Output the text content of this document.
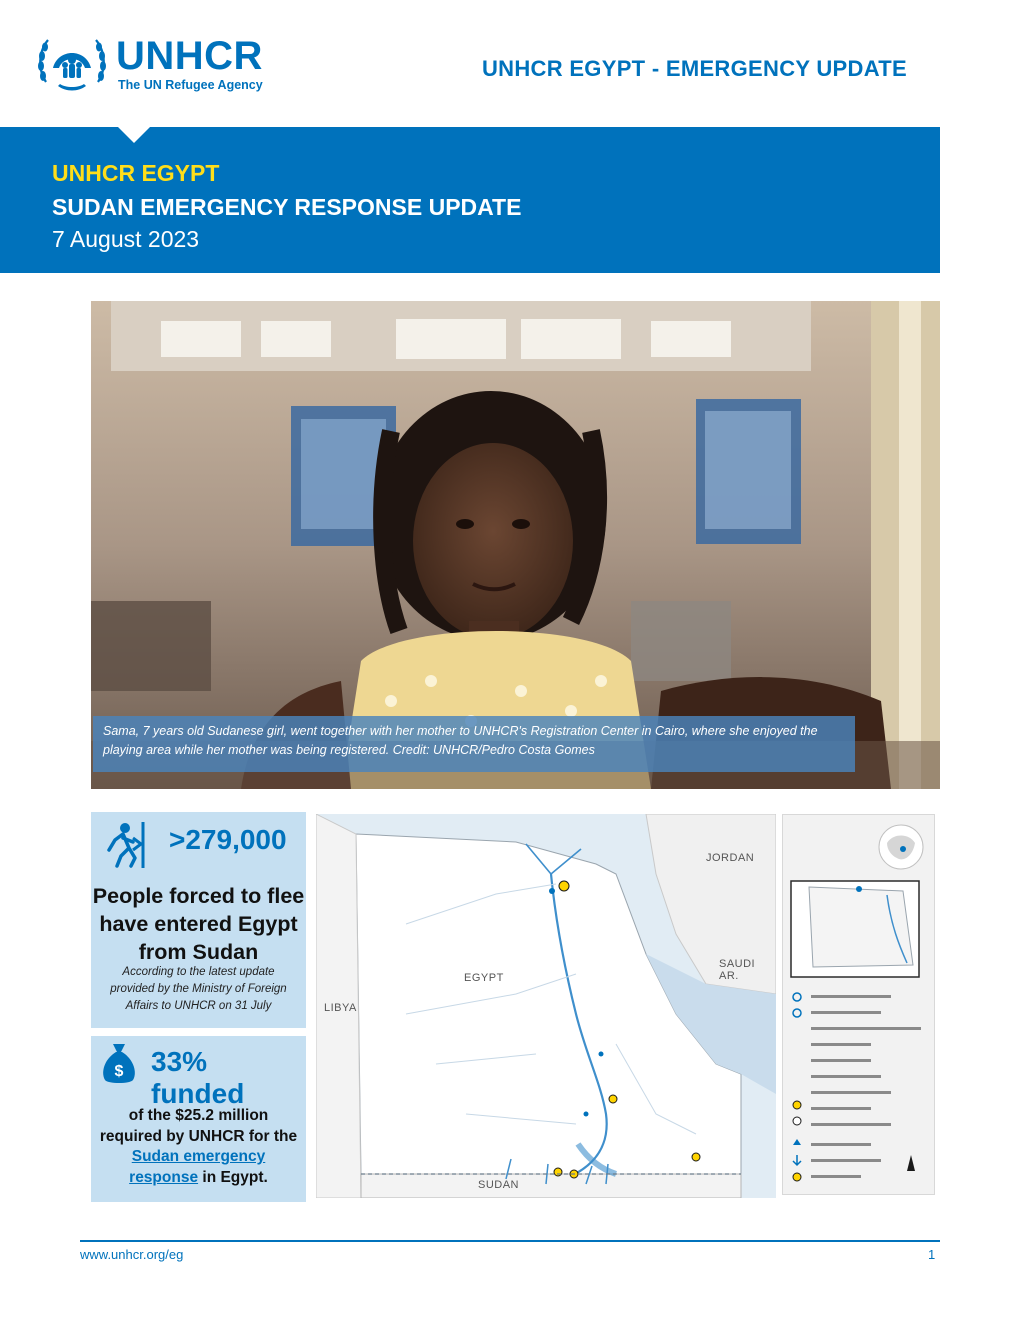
UNHCR
The UN Refugee Agency
UNHCR EGYPT - EMERGENCY UPDATE
UNHCR EGYPT
SUDAN EMERGENCY RESPONSE UPDATE
7 August 2023
Sama, 7 years old Sudanese girl, went together with her mother to UNHCR's Registration Center in Cairo, where she enjoyed the playing area while her mother was being registered. Credit: UNHCR/Pedro Costa Gomes
>279,000
People forced to flee have entered Egypt from Sudan
According to the latest update provided by the Ministry of Foreign Affairs to UNHCR on 31 July
$ 33% funded
of the $25.2 million required by UNHCR for the Sudan emergency response in Egypt.
EGYPT
LIBYA
SUDAN
JORDAN
SAUDI AR.
www.unhcr.org/eg	1
